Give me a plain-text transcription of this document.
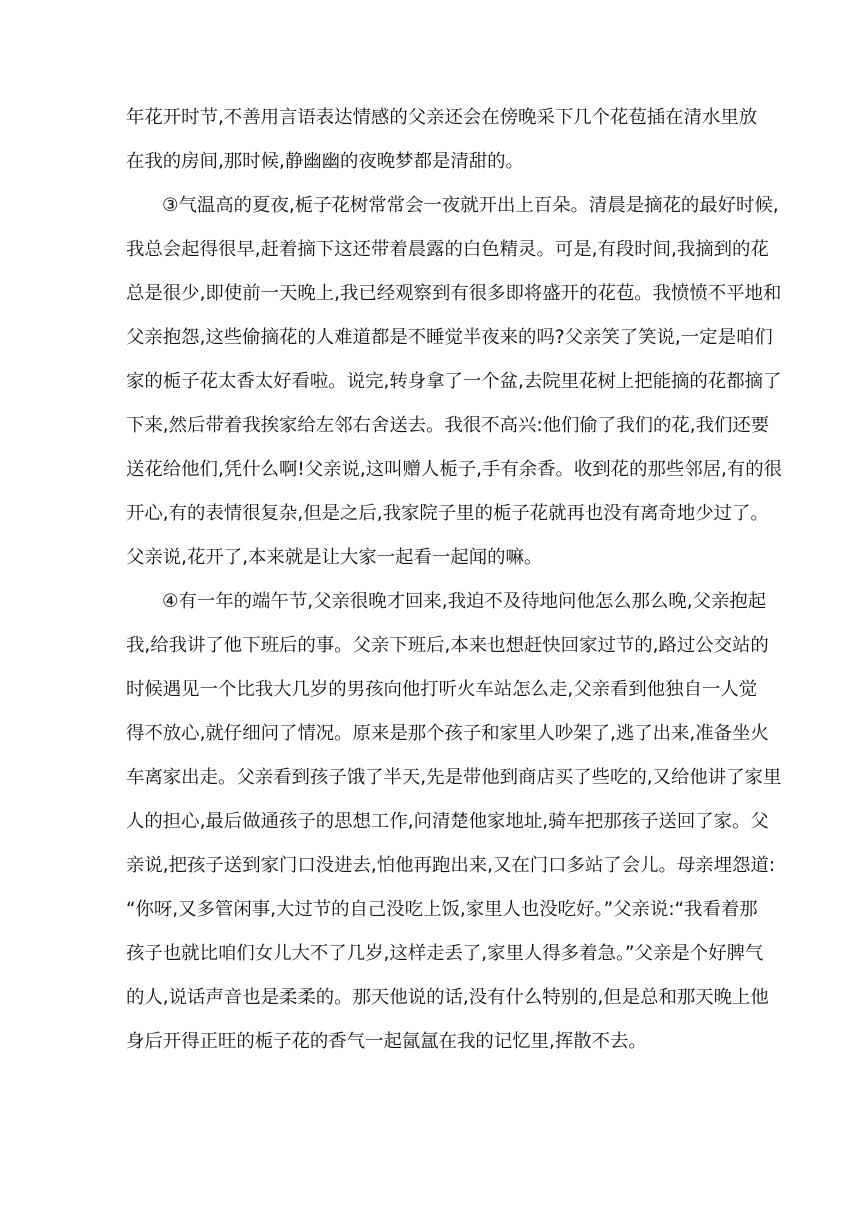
年花开时节,不善用言语表达情感的父亲还会在傍晚采下几个花苞插在清水里放
在我的房间,那时候,静幽幽的夜晚梦都是清甜的。
③气温高的夏夜,栀子花树常常会一夜就开出上百朵。清晨是摘花的最好时候,
我总会起得很早,赶着摘下这还带着晨露的白色精灵。可是,有段时间,我摘到的花
总是很少,即使前一天晚上,我已经观察到有很多即将盛开的花苞。我愤愤不平地和
父亲抱怨,这些偷摘花的人难道都是不睡觉半夜来的吗?父亲笑了笑说,一定是咱们
家的栀子花太香太好看啦。说完,转身拿了一个盆,去院里花树上把能摘的花都摘了
下来,然后带着我挨家给左邻右舍送去。我很不高兴:他们偷了我们的花,我们还要
送花给他们,凭什么啊!父亲说,这叫赠人栀子,手有余香。收到花的那些邻居,有的很
开心,有的表情很复杂,但是之后,我家院子里的栀子花就再也没有离奇地少过了。
父亲说,花开了,本来就是让大家一起看一起闻的嘛。
④有一年的端午节,父亲很晚才回来,我迫不及待地问他怎么那么晚,父亲抱起
我,给我讲了他下班后的事。父亲下班后,本来也想赶快回家过节的,路过公交站的
时候遇见一个比我大几岁的男孩向他打听火车站怎么走,父亲看到他独自一人觉
得不放心,就仔细问了情况。原来是那个孩子和家里人吵架了,逃了出来,准备坐火
车离家出走。父亲看到孩子饿了半天,先是带他到商店买了些吃的,又给他讲了家里
人的担心,最后做通孩子的思想工作,问清楚他家地址,骑车把那孩子送回了家。父
亲说,把孩子送到家门口没进去,怕他再跑出来,又在门口多站了会儿。母亲埋怨道:
“你呀,又多管闲事,大过节的自己没吃上饭,家里人也没吃好。”父亲说:“我看着那
孩子也就比咱们女儿大不了几岁,这样走丢了,家里人得多着急。”父亲是个好脾气
的人,说话声音也是柔柔的。那天他说的话,没有什么特别的,但是总和那天晚上他
身后开得正旺的栀子花的香气一起氤氲在我的记忆里,挥散不去。
